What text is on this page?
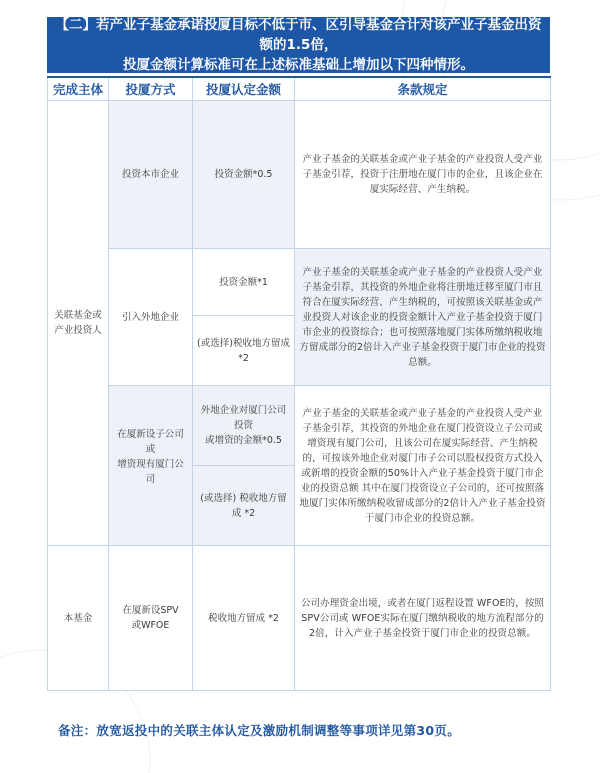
【二】若产业子基金承诺投厦目标不低于市、区引导基金合计对该产业子基金出资额的1.5倍，
投厦金额计算标准可在上述标准基础上增加以下四种情形。
完成主体	投厦方式	投厦认定金额	条款规定
关联基金或
产业投资人	投资本市企业	投资金额*0.5	产业子基金的关联基金或产业子基金的产业投资人受产业子基金引荐，投资于注册地在厦门市的企业，且该企业在厦实际经营、产生纳税。
	引入外地企业	投资金额*1	产业子基金的关联基金或产业子基金的产业投资人受产业子基金引荐，其投资的外地企业将注册地迁移至厦门市且符合在厦实际经营、产生纳税的，可按照该关联基金或产业投资人对该企业的投资金额计入产业子基金投资于厦门市企业的投资综合；也可按照落地厦门实体所缴纳税收地方留成部分的2倍计入产业子基金投资于厦门市企业的投资总额。
		(或选择)税收地方留成*2	
	在厦新设子公司或
增资现有厦门公司	外地企业对厦门公司投资
或增资的金额*0.5	产业子基金的关联基金或产业子基金的产业投资人受产业子基金引荐，其投资的外地企业在厦门投资设立子公司或增资现有厦门公司，且该公司在厦实际经营、产生纳税的，可按该外地企业对厦门市子公司以股权投资方式投入或新增的投资金额的50%计入产业子基金投资于厦门市企业的投资总额 其中在厦门投资设立子公司的，还可按照落地厦门实体所缴纳税收留成部分的2倍计入产业子基金投资于厦门市企业的投资总额。
		(或选择) 税收地方留成 *2	
本基金	在厦新设SPV
或WFOE	税收地方留成 *2	公司办理资金出境，或者在厦门返程设置 WFOE的，按照 SPV公司或 WFOE实际在厦门缴纳税收的地方流程部分的2倍，计入产业子基金投资于厦门市企业的投资总额。
备注：放宽返投中的关联主体认定及激励机制调整等事项详见第30页。
